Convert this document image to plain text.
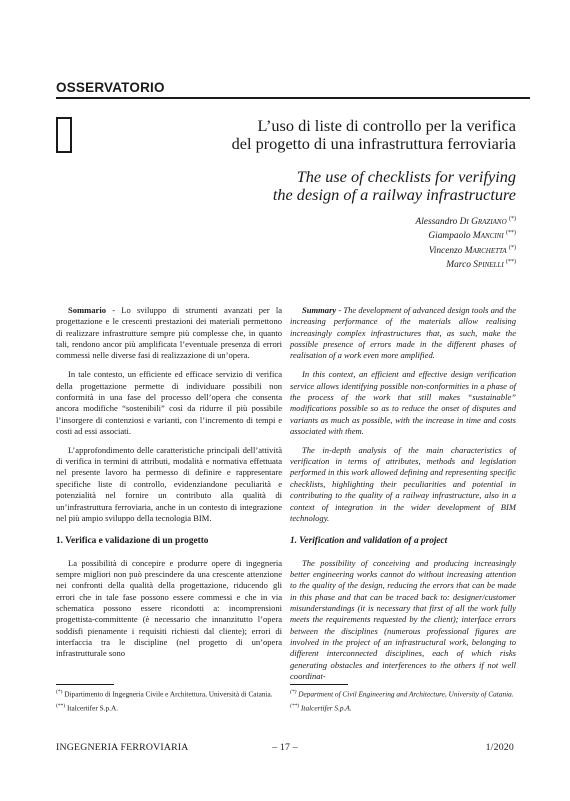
OSSERVATORIO
L’uso di liste di controllo per la verifica
del progetto di una infrastruttura ferroviaria
The use of checklists for verifying
the design of a railway infrastructure
Alessandro Di Graziano (*)
Giampaolo Mancini (**)
Vincenzo Marchetta (*)
Marco Spinelli (**)

Sommario - Lo sviluppo di strumenti avanzati per la progettazione e le crescenti prestazioni dei materiali permettono di realizzare infrastrutture sempre più complesse che, in quanto tali, rendono ancor più amplificata l’eventuale presenza di errori commessi nelle diverse fasi di realizzazione di un’opera.

In tale contesto, un efficiente ed efficace servizio di verifica della progettazione permette di individuare possibili non conformità in una fase del processo dell’opera che consenta ancora modifiche “sostenibili” così da ridurre il più possibile l’insorgere di contenziosi e varianti, con l’incremento di tempi e costi ad essi associati.

L’approfondimento delle caratteristiche principali dell’attività di verifica in termini di attributi, modalità e normativa effettuata nel presente lavoro ha permesso di definire e rappresentare specifiche liste di controllo, evidenziandone peculiarità e potenzialità nel fornire un contributo alla qualità di un’infrastruttura ferroviaria, anche in un contesto di integrazione nel più ampio sviluppo della tecnologia BIM.

1. Verifica e validazione di un progetto

La possibilità di concepire e produrre opere di ingegneria sempre migliori non può prescindere da una crescente attenzione nei confronti della qualità della progettazione, riducendo gli errori che in tale fase possono essere commessi e che in via schematica possono essere ricondotti a: incomprensioni progettista-committente (è necessario che innanzitutto l’opera soddisfi pienamente i requisiti richiesti dal cliente); errori di interfaccia tra le discipline (nel progetto di un’opera infrastrutturale sono

Summary - The development of advanced design tools and the increasing performance of the materials allow realising increasingly complex infrastructures that, as such, make the possible presence of errors made in the different phases of realisation of a work even more amplified.

In this context, an efficient and effective design verification service allows identifying possible non-conformities in a phase of the process of the work that still makes “sustainable” modifications possible so as to reduce the onset of disputes and variants as much as possible, with the increase in time and costs associated with them.

The in-depth analysis of the main characteristics of verification in terms of attributes, methods and legislation performed in this work allowed defining and representing specific checklists, highlighting their peculiarities and potential in contributing to the quality of a railway infrastructure, also in a context of integration in the wider development of BIM technology.

1. Verification and validation of a project

The possibility of conceiving and producing increasingly better engineering works cannot do without increasing attention to the quality of the design, reducing the errors that can be made in this phase and that can be traced back to: designer/customer misunderstandings (it is necessary that first of all the work fully meets the requirements requested by the client); interface errors between the disciplines (numerous professional figures are involved in the project of an infrastructural work, belonging to different interconnected disciplines, each of which risks generating obstacles and interferences to the others if not well coordinat-

(*) Dipartimento di Ingegneria Civile e Architettura, Università di Catania.
(**) Italcertifer S.p.A.
(*) Department of Civil Engineering and Architecture, University of Catania.
(**) Italcertifer S.p.A.
INGEGNERIA FERROVIARIA	– 17 –	1/2020
